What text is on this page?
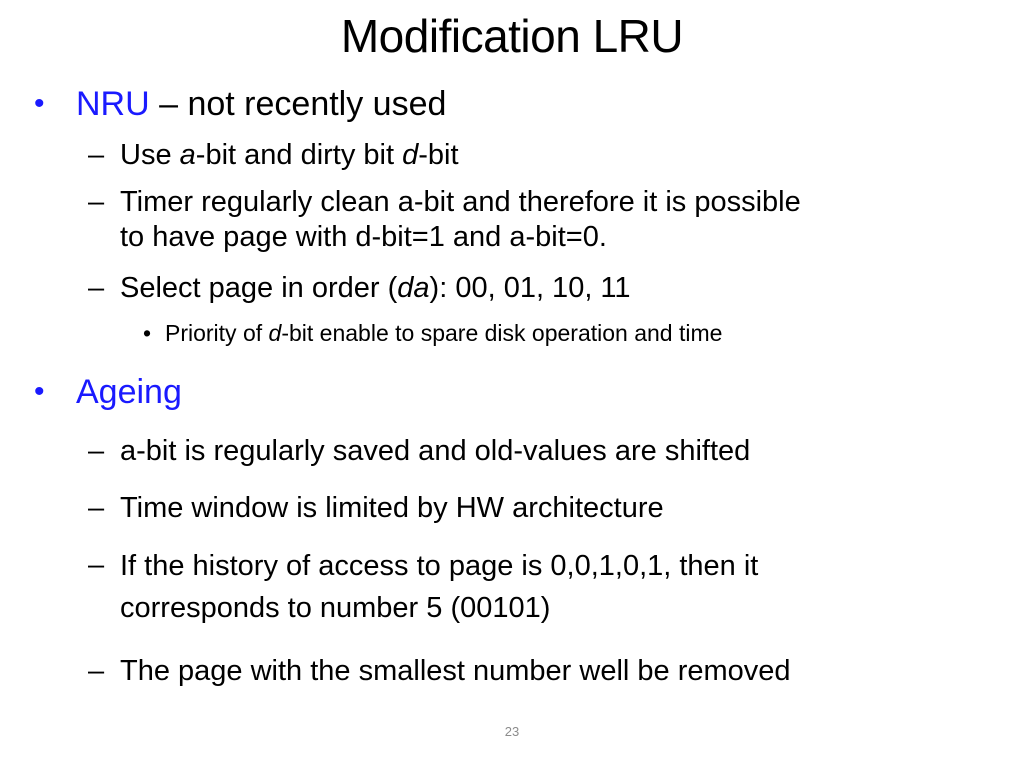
Modification LRU
• NRU – not recently used
– Use a-bit and dirty bit d-bit
– Timer regularly clean a-bit and therefore it is possible
to have page with d-bit=1 and a-bit=0.
– Select page in order (da): 00, 01, 10, 11
• Priority of d-bit enable to spare disk operation and time
• Ageing
– a-bit is regularly saved and old-values are shifted
– Time window is limited by HW architecture
– If the history of access to page is 0,0,1,0,1, then it
corresponds to number 5 (00101)
– The page with the smallest number well be removed
23
